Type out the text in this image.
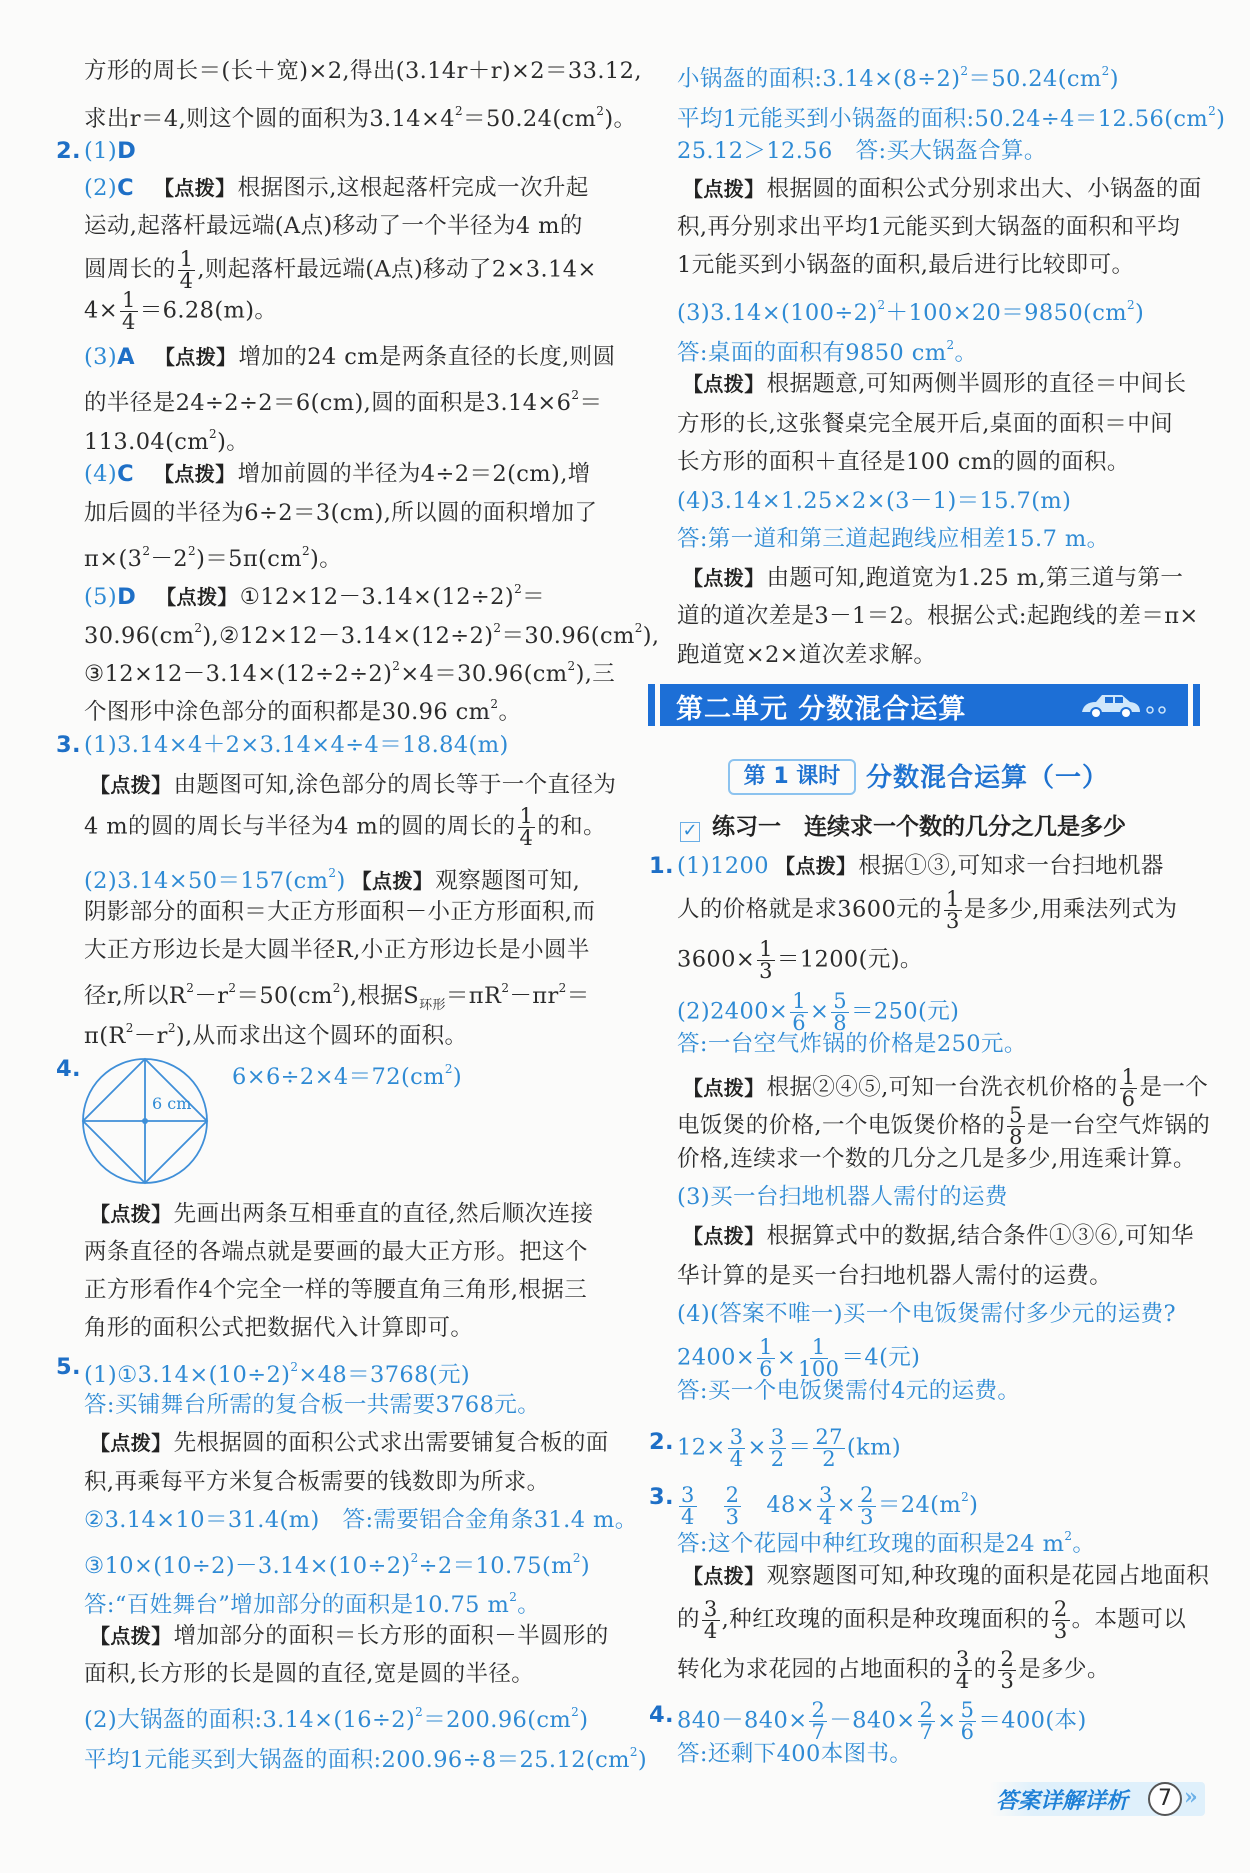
方形的周长＝(长＋宽)×2,得出(3.14r＋r)×2＝33.12,
求出r＝4,则这个圆的面积为$3.14\times 4^2=50.24(cm^2)$。
2. (1)D
(2)C 【点拨】根据图示,这根起落杆完成一次升起
运动,起落杆最远端(A点)移动了一个半径为4 m的
圆周长的 $\frac{1}{4}$ ,则起落杆最远端(A点)移动了2×3.14×
$4\times \frac{1}{4} =6.28(m)$。
(3)A 【点拨】增加的24 cm是两条直径的长度,则圆
的半径是24÷2÷2＝6(cm),圆的面积是$3.14\times 6^2=$
$113.04(cm^2)$。
(4)C 【点拨】增加前圆的半径为4÷2＝2(cm),增
加后圆的半径为6÷2＝3(cm),所以圆的面积增加了
$\pi\times(3^2-2^2)=5\pi(cm^2)$。
(5)D 【点拨】$①12\times 12-3.14\times(12\div 2)^2=$
$30.96(cm^2),②12\times 12-3.14\times(12\div 2)^2=30.96(cm^2)$,
$③12\times 12-3.14\times(12\div 2\div 2)^2\times 4=30.96(cm^2)$,三
个图形中涂色部分的面积都是30.96 $cm^2$。
3. (1)3.14×4＋2×3.14×4÷4＝18.84(m)
【点拨】由题图可知,涂色部分的周长等于一个直径为
4 m的圆的周长与半径为4 m的圆的周长的 $\frac{1}{4}$ 的和。
$(2)3.14\times 50=157(cm^2)$ 【点拨】观察题图可知,
阴影部分的面积＝大正方形面积－小正方形面积,而
大正方形边长是大圆半径R,小正方形边长是小圆半
径r,所以$R^2-r^2=50(cm^2)$,根据$S_{环形}=\pi R^2-\pi r^2=$
$\pi(R^2-r^2)$,从而求出这个圆环的面积。
4.
【点拨】先画出两条互相垂直的直径,然后顺次连接
两条直径的各端点就是要画的最大正方形。把这个
正方形看作4个完全一样的等腰直角三角形,根据三
角形的面积公式把数据代入计算即可。
5. $(1)①3.14\times(10\div 2)^2\times 48=3768$(元)
答:买铺舞台所需的复合板一共需要3768元。
【点拨】先根据圆的面积公式求出需要铺复合板的面
积,再乘每平方米复合板需要的钱数即为所求。
②3.14×10＝31.4(m)　答:需要铝合金角条31.4 m。
$③10\times(10\div 2)-3.14\times(10\div 2)^2\div 2=10.75(m^2)$
答:“百姓舞台”增加部分的面积是10.75 $m^2$。
【点拨】增加部分的面积＝长方形的面积－半圆形的
面积,长方形的长是圆的直径,宽是圆的半径。
(2)大锅盔的面积$:3.14\times(16\div 2)^2=200.96(cm^2)$
平均1元能买到大锅盔的面积$:200.96\div 8=25.12(cm^2)$
小锅盔的面积$:3.14\times(8\div 2)^2=50.24(cm^2)$
平均1元能买到小锅盔的面积$:50.24\div 4=12.56(cm^2)$
25.12＞12.56　答:买大锅盔合算。
【点拨】根据圆的面积公式分别求出大、小锅盔的面
积,再分别求出平均1元能买到大锅盔的面积和平均
1元能买到小锅盔的面积,最后进行比较即可。
$(3)3.14\times(100\div 2)^2+100\times 20=9850(cm^2)$
答:桌面的面积有9850 $cm^2$。
【点拨】根据题意,可知两侧半圆形的直径＝中间长
方形的长,这张餐桌完全展开后,桌面的面积＝中间
长方形的面积＋直径是100 cm的圆的面积。
(4)3.14×1.25×2×(3－1)＝15.7(m)
答:第一道和第三道起跑线应相差15.7 m。
【点拨】由题可知,跑道宽为1.25 m,第三道与第一
道的道次差是3－1＝2。根据公式:起跑线的差＝π×
跑道宽×2×道次差求解。
1. (1)1200 【点拨】根据①③,可知求一台扫地机器
人的价格就是求3600元的 $\frac{1}{3}$ 是多少,用乘法列式为
$3600\times \frac{1}{3} =1200$(元)。
$(2)2400\times \frac{1}{6} \times \frac{5}{8} =250$(元)
答:一台空气炸锅的价格是250元。
【点拨】根据②④⑤,可知一台洗衣机价格的 $\frac{1}{6}$ 是一个
电饭煲的价格,一个电饭煲价格的 $\frac{5}{8}$ 是一台空气炸锅的
价格,连续求一个数的几分之几是多少,用连乘计算。
(3)买一台扫地机器人需付的运费
【点拨】根据算式中的数据,结合条件①③⑥,可知华
华计算的是买一台扫地机器人需付的运费。
(4)(答案不唯一)买一个电饭煲需付多少元的运费?
$2400\times \frac{1}{6} \times \frac{1}{100} =4$(元)
答:买一个电饭煲需付4元的运费。
2. $12\times \frac{3}{4} \times \frac{3}{2} = \frac{27}{2} (km)$
3. $\frac{3}{4}$
　 $\frac{2}{3}$ 　$48\times \frac{3}{4} \times \frac{2}{3} =24(m^2)$
答:这个花园中种红玫瑰的面积是24 $m^2$。
【点拨】观察题图可知,种玫瑰的面积是花园占地面积
的 $\frac{3}{4}$ ,种红玫瑰的面积是种玫瑰面积的 $\frac{2}{3}$ 。本题可以
转化为求花园的占地面积的 $\frac{3}{4}$ 的 $\frac{2}{3}$ 是多少。
4. $840-840\times \frac{2}{7} -840\times \frac{2}{7} \times \frac{5}{6} =400$(本)
答:还剩下400本图书。
6 cm
$6\times 6\div 2\times 4=72(cm^2)$
第二单元 分数混合运算
第 1 课时 分数混合运算（一）
✓ 练习一　连续求一个数的几分之几是多少
答案详解详析	7 »
